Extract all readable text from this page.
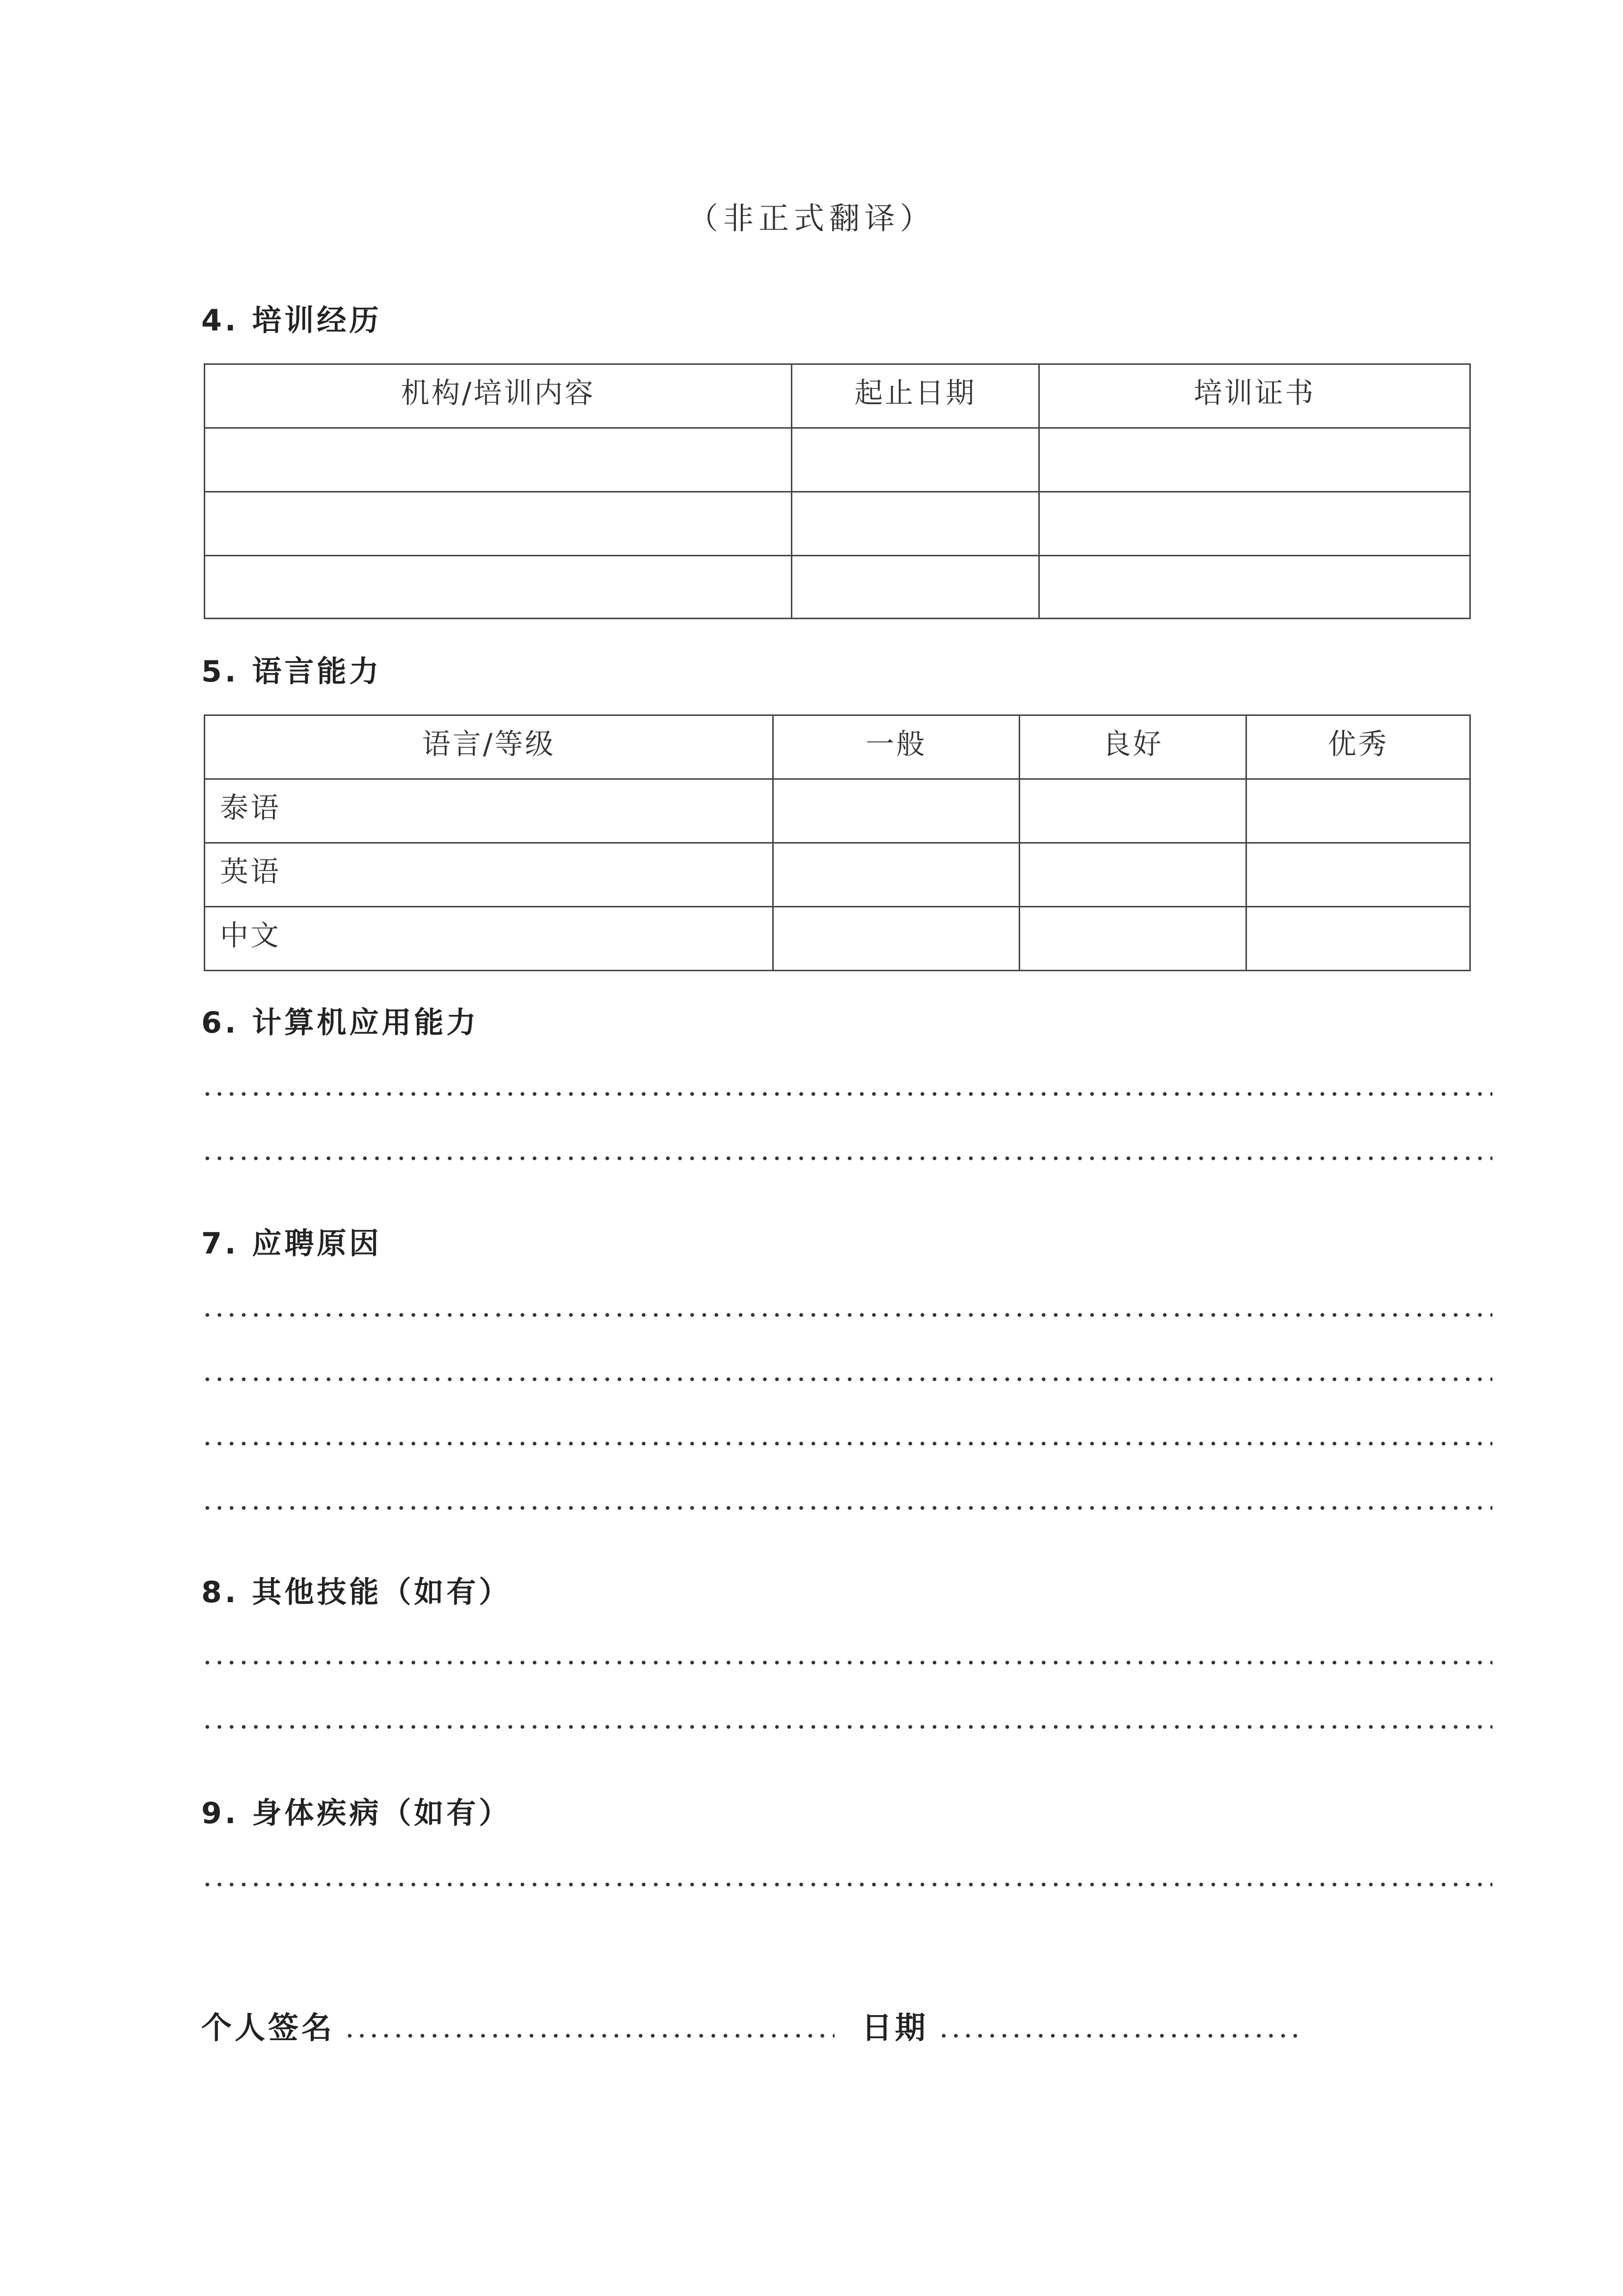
（非正式翻译）
4. 培训经历
机构/培训内容	起止日期	培训证书

5. 语言能力
语言/等级	一般	良好	优秀
泰语			
英语			
中文			
6. 计算机应用能力
7. 应聘原因
8. 其他技能（如有）
9. 身体疾病（如有）
个人签名	日期
